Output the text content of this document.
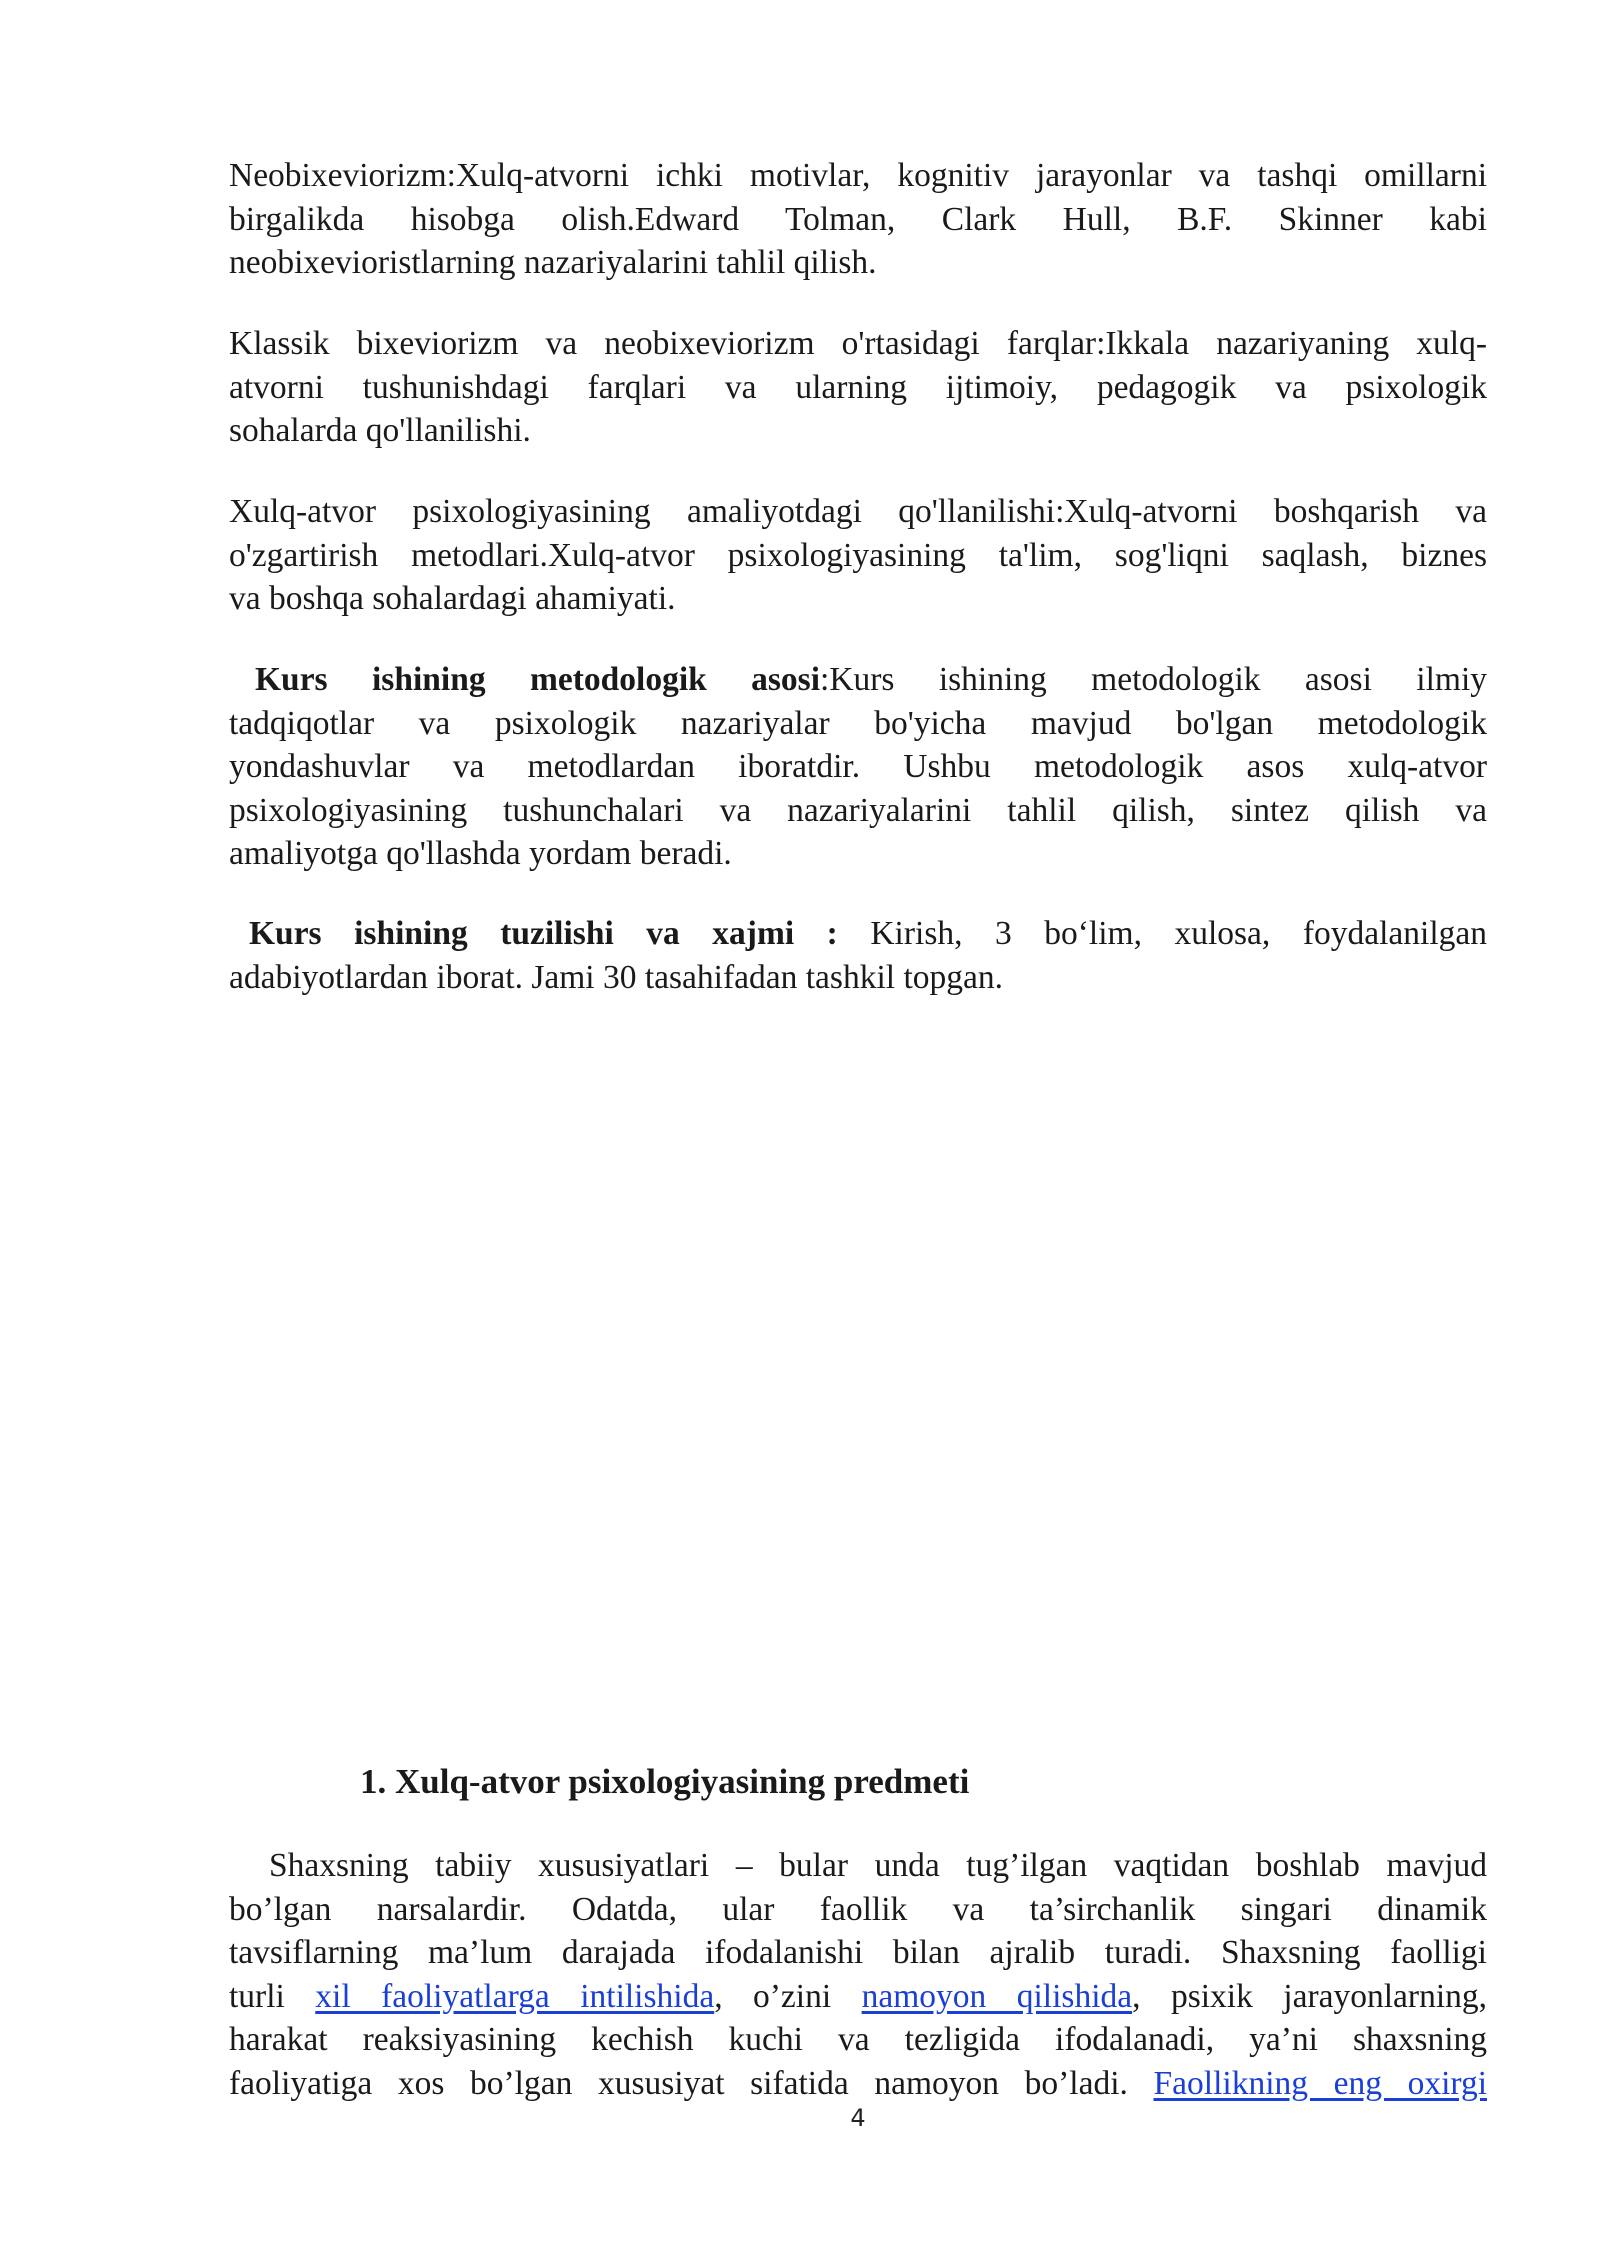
Neobixeviorizm:Xulq-atvorni ichki motivlar, kognitiv jarayonlar va tashqi omillarni
birgalikda hisobga olish.Edward Tolman, Clark Hull, B.F. Skinner kabi
neobixevioristlarning nazariyalarini tahlil qilish.

Klassik bixeviorizm va neobixeviorizm o'rtasidagi farqlar:Ikkala nazariyaning xulq-
atvorni tushunishdagi farqlari va ularning ijtimoiy, pedagogik va psixologik
sohalarda qo'llanilishi.

Xulq-atvor psixologiyasining amaliyotdagi qo'llanilishi:Xulq-atvorni boshqarish va
o'zgartirish metodlari.Xulq-atvor psixologiyasining ta'lim, sog'liqni saqlash, biznes
va boshqa sohalardagi ahamiyati.

Kurs ishining metodologik asosi:Kurs ishining metodologik asosi ilmiy
tadqiqotlar va psixologik nazariyalar bo'yicha mavjud bo'lgan metodologik
yondashuvlar va metodlardan iboratdir. Ushbu metodologik asos xulq-atvor
psixologiyasining tushunchalari va nazariyalarini tahlil qilish, sintez qilish va
amaliyotga qo'llashda yordam beradi.

Kurs ishining tuzilishi va xajmi : Kirish, 3 bo‘lim, xulosa, foydalanilgan
adabiyotlardan iborat. Jami 30 tasahifadan tashkil topgan.

1. Xulq-atvor psixologiyasining predmeti

Shaxsning tabiiy xususiyatlari – bular unda tug’ilgan vaqtidan boshlab mavjud
bo’lgan narsalardir. Odatda, ular faollik va ta’sirchanlik singari dinamik
tavsiflarning ma’lum darajada ifodalanishi bilan ajralib turadi. Shaxsning faolligi
turli xil faoliyatlarga intilishida, o’zini namoyon qilishida, psixik jarayonlarning,
harakat reaksiyasining kechish kuchi va tezligida ifodalanadi, ya’ni shaxsning
faoliyatiga xos bo’lgan xususiyat sifatida namoyon bo’ladi. Faollikning eng oxirgi

4
